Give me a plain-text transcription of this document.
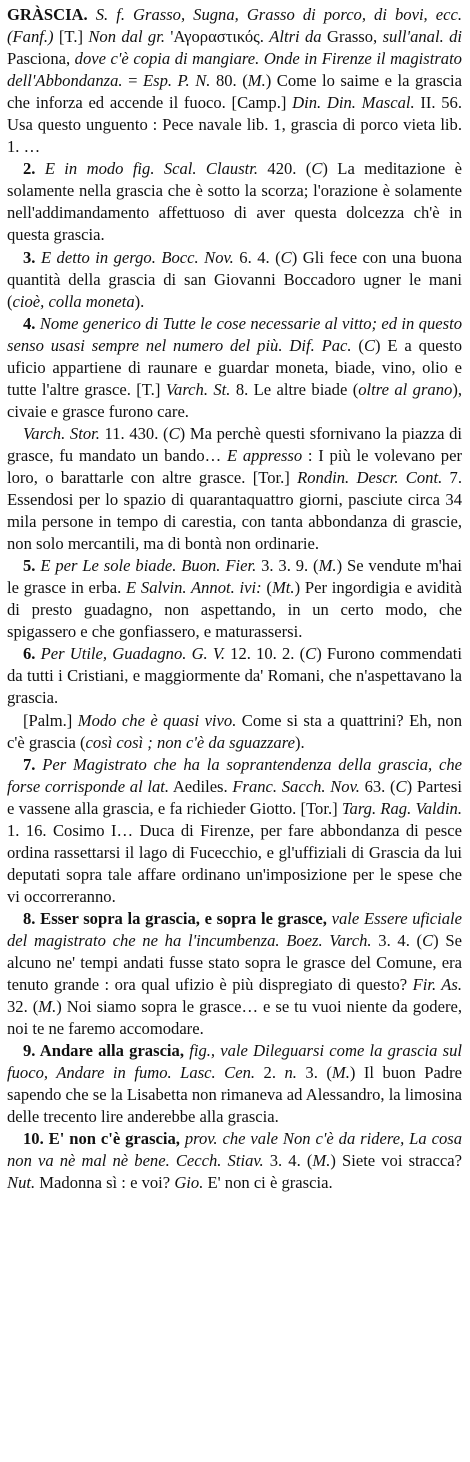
GRÀSCIA. S. f. Grasso, Sugna, Grasso di porco, di bovi, ecc. (Fanf.) [T.] Non dal gr. 'Αγοραστικός. Altri da Grasso, sull'anal. di Pasciona, dove c'è copia di mangiare. Onde in Firenze il magistrato dell'Abbondanza. = Esp. P. N. 80. (M.) Come lo saime e la grascia che inforza ed accende il fuoco. [Camp.] Din. Din. Mascal. II. 56. Usa questo unguento : Pece navale lib. 1, grascia di porco vieta lib. 1. …

2. E in modo fig. Scal. Claustr. 420. (C) La meditazione è solamente nella grascia che è sotto la scorza; l'orazione è solamente nell'addimandamento affettuoso di aver questa dolcezza ch'è in questa grascia.

3. E detto in gergo. Bocc. Nov. 6. 4. (C) Gli fece con una buona quantità della grascia di san Giovanni Boccadoro ugner le mani (cioè, colla moneta).

4. Nome generico di Tutte le cose necessarie al vitto; ed in questo senso usasi sempre nel numero del più. Dif. Pac. (C) E a questo uficio appartiene di raunare e guardar moneta, biade, vino, olio e tutte l'altre grasce. [T.] Varch. St. 8. Le altre biade (oltre al grano), civaie e grasce furono care.

Varch. Stor. 11. 430. (C) Ma perchè questi sfornivano la piazza di grasce, fu mandato un bando… E appresso : I più le volevano per loro, o barattarle con altre grasce. [Tor.] Rondin. Descr. Cont. 7. Essendosi per lo spazio di quarantaquattro giorni, pasciute circa 34 mila persone in tempo di carestia, con tanta abbondanza di grascie, non solo mercantili, ma di bontà non ordinarie.

5. E per Le sole biade. Buon. Fier. 3. 3. 9. (M.) Se vendute m'hai le grasce in erba. E Salvin. Annot. ivi: (Mt.) Per ingordigia e avidità di presto guadagno, non aspettando, in un certo modo, che spigassero e che gonfiassero, e maturassersi.

6. Per Utile, Guadagno. G. V. 12. 10. 2. (C) Furono commendati da tutti i Cristiani, e maggiormente da' Romani, che n'aspettavano la grascia.

[Palm.] Modo che è quasi vivo. Come si sta a quattrini? Eh, non c'è grascia (così così ; non c'è da sguazzare).

7. Per Magistrato che ha la soprantendenza della grascia, che forse corrisponde al lat. Aediles. Franc. Sacch. Nov. 63. (C) Partesi e vassene alla grascia, e fa richieder Giotto. [Tor.] Targ. Rag. Valdin. 1. 16. Cosimo I… Duca di Firenze, per fare abbondanza di pesce ordina rassettarsi il lago di Fucecchio, e gl'uffiziali di Grascia da lui deputati sopra tale affare ordinano un'imposizione per le spese che vi occorreranno.

8. Esser sopra la grascia, e sopra le grasce, vale Essere uficiale del magistrato che ne ha l'incumbenza. Boez. Varch. 3. 4. (C) Se alcuno ne' tempi andati fusse stato sopra le grasce del Comune, era tenuto grande : ora qual ufizio è più dispregiato di questo? Fir. As. 32. (M.) Noi siamo sopra le grasce… e se tu vuoi niente da godere, noi te ne faremo accomodare.

9. Andare alla grascia, fig., vale Dileguarsi come la grascia sul fuoco, Andare in fumo. Lasc. Cen. 2. n. 3. (M.) Il buon Padre sapendo che se la Lisabetta non rimaneva ad Alessandro, la limosina delle trecento lire anderebbe alla grascia.

10. E' non c'è grascia, prov. che vale Non c'è da ridere, La cosa non va nè mal nè bene. Cecch. Stiav. 3. 4. (M.) Siete voi stracca? Nut. Madonna sì : e voi? Gio. E' non ci è grascia.
